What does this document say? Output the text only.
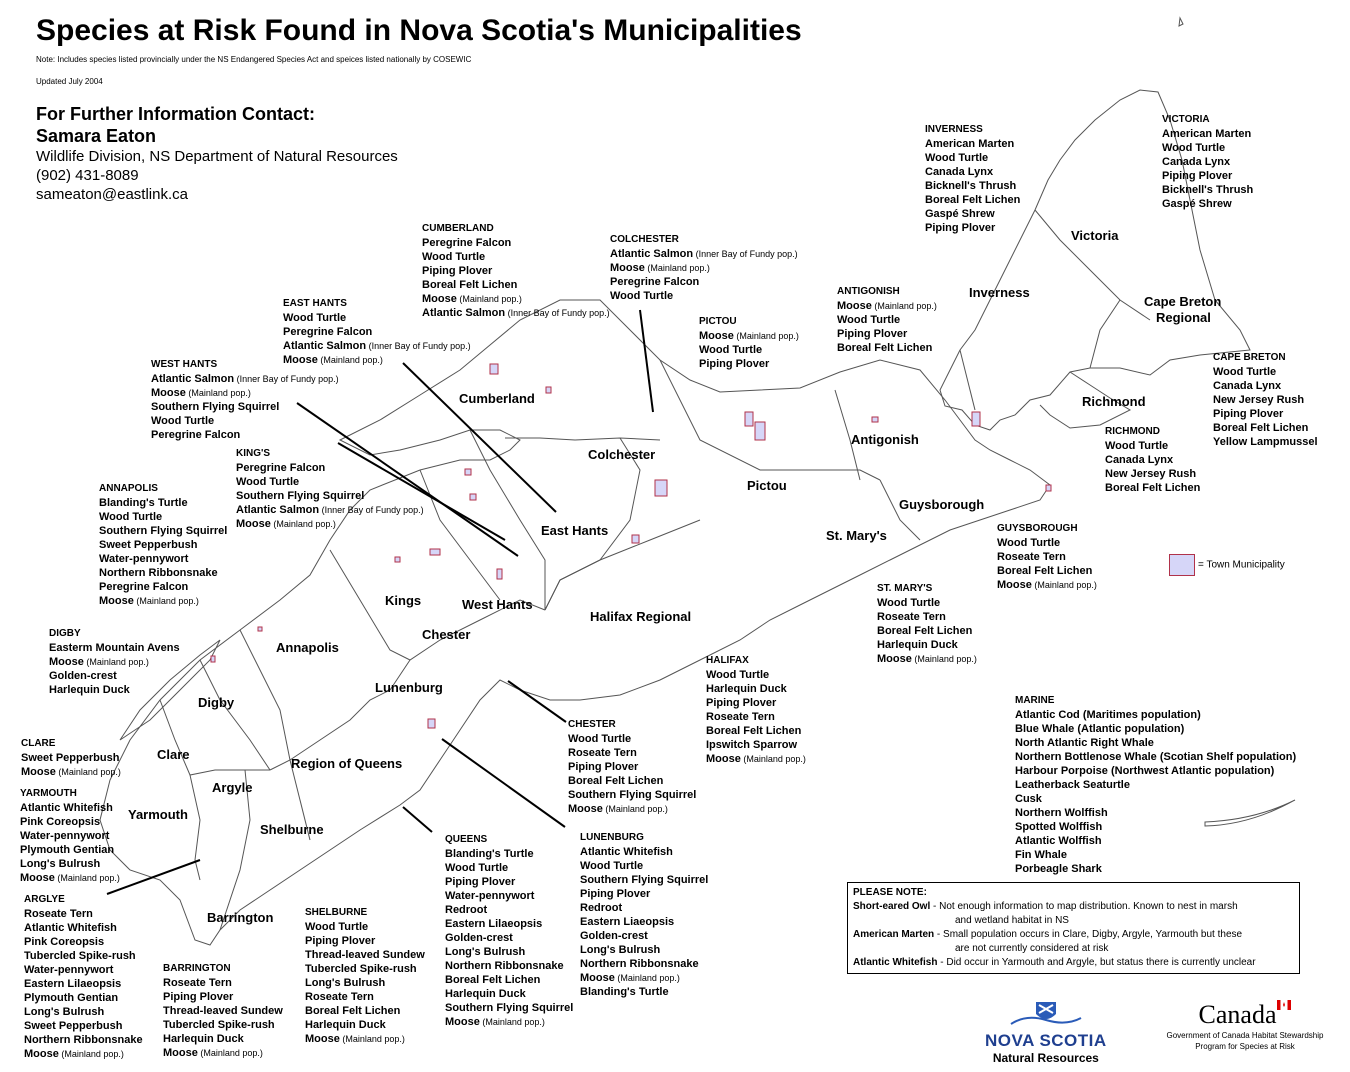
Species at Risk Found in Nova Scotia's Municipalities
Note: Includes species listed provincially under the NS Endangered Species Act and speices listed nationally by COSEWIC
Updated July 2004
For Further Information Contact:
Samara Eaton
Wildlife Division, NS Department of Natural Resources
(902) 431-8089
sameaton@eastlink.ca
Victoria
Inverness
Cape Breton
Regional
Richmond
Antigonish
Guysborough
Pictou
Colchester
Cumberland
East Hants	St. Mary's
Kings	West Hants
Halifax Regional
Annapolis
Chester
Digby
Lunenburg
Clare
Argyle
Region of Queens
Yarmouth
Shelburne
Barrington
INVERNESS
American Marten
Wood Turtle
Canada Lynx
Bicknell's Thrush
Boreal Felt Lichen
Gaspé Shrew
Piping Plover
VICTORIA
American Marten
Wood Turtle
Canada Lynx
Piping Plover
Bicknell's Thrush
Gaspé Shrew
CUMBERLAND
Peregrine Falcon
Wood Turtle
Piping Plover
Boreal Felt Lichen
Moose (Mainland pop.)
Atlantic Salmon (Inner Bay of Fundy pop.)
COLCHESTER
Atlantic Salmon (Inner Bay of Fundy pop.)
Moose (Mainland pop.)
Peregrine Falcon
Wood Turtle	ANTIGONISH
Moose (Mainland pop.)
Wood Turtle
Piping Plover
Boreal Felt Lichen
PICTOU
Moose (Mainland pop.)
Wood Turtle
Piping Plover
EAST HANTS
Wood Turtle
Peregrine Falcon
Atlantic Salmon (Inner Bay of Fundy pop.)
Moose (Mainland pop.)
WEST HANTS
Atlantic Salmon (Inner Bay of Fundy pop.)
Moose (Mainland pop.)
Southern Flying Squirrel
Wood Turtle
Peregrine Falcon
CAPE BRETON
Wood Turtle
Canada Lynx
New Jersey Rush
Piping Plover
Boreal Felt Lichen
Yellow Lampmussel
RICHMOND
Wood Turtle
Canada Lynx
New Jersey Rush
Boreal Felt Lichen
KING'S
Peregrine Falcon
Wood Turtle
Southern Flying Squirrel
Atlantic Salmon (Inner Bay of Fundy pop.)
Moose (Mainland pop.)
ANNAPOLIS
Blanding's Turtle
Wood Turtle
Southern Flying Squirrel
Sweet Pepperbush
Water-pennywort
Northern Ribbonsnake
Peregrine Falcon
Moose (Mainland pop.)
GUYSBOROUGH
Wood Turtle
Roseate Tern
Boreal Felt Lichen
Moose (Mainland pop.)
ST. MARY'S
Wood Turtle
Roseate Tern
Boreal Felt Lichen
Harlequin Duck
Moose (Mainland pop.)
DIGBY
Easterm Mountain Avens
Moose (Mainland pop.)
Golden-crest
Harlequin Duck
HALIFAX
Wood Turtle
Harlequin Duck
Piping Plover
Roseate Tern
Boreal Felt Lichen
Ipswitch Sparrow
Moose (Mainland pop.)
CHESTER
Wood Turtle
Roseate Tern
Piping Plover
Boreal Felt Lichen
Southern Flying Squirrel
Moose (Mainland pop.)
CLARE
Sweet Pepperbush
Moose (Mainland pop.)
MARINE
Atlantic Cod (Maritimes population)
Blue Whale (Atlantic population)
North Atlantic Right Whale
Northern Bottlenose Whale (Scotian Shelf population)
Harbour Porpoise (Northwest Atlantic population)
Leatherback Seaturtle
Cusk
Northern Wolffish
Spotted Wolffish
Atlantic Wolffish
Fin Whale
Porbeagle Shark
YARMOUTH
Atlantic Whitefish
Pink Coreopsis
Water-pennywort
Plymouth Gentian
Long's Bulrush
Moose (Mainland pop.)
QUEENS
Blanding's Turtle
Wood Turtle
Piping Plover
Water-pennywort
Redroot
Eastern Lilaeopsis
Golden-crest
Long's Bulrush
Northern Ribbonsnake
Boreal Felt Lichen
Harlequin Duck
Southern Flying Squirrel
Moose (Mainland pop.)
LUNENBURG
Atlantic Whitefish
Wood Turtle
Southern Flying Squirrel
Piping Plover
Redroot
Eastern Liaeopsis
Golden-crest
Long's Bulrush
Northern Ribbonsnake
Moose (Mainland pop.)
Blanding's Turtle
ARGLYE
Roseate Tern
Atlantic Whitefish
Pink Coreopsis
Tubercled Spike-rush
Water-pennywort
Eastern Lilaeopsis
Plymouth Gentian
Long's Bulrush
Sweet Pepperbush
Northern Ribbonsnake
Moose (Mainland pop.)
BARRINGTON
Roseate Tern
Piping Plover
Thread-leaved Sundew
Tubercled Spike-rush
Harlequin Duck
Moose (Mainland pop.)
SHELBURNE
Wood Turtle
Piping Plover
Thread-leaved Sundew
Tubercled Spike-rush
Long's Bulrush
Roseate Tern
Boreal Felt Lichen
Harlequin Duck
Moose (Mainland pop.)
= Town Municipality
PLEASE NOTE:
Short-eared Owl - Not enough information to map distribution. Known to nest in marsh
and wetland habitat in NS
American Marten - Small population occurs in Clare, Digby, Argyle, Yarmouth but these
are not currently considered at risk
Atlantic Whitefish - Did occur in Yarmouth and Argyle, but status there is currently unclear
NOVA SCOTIA
Natural Resources
Canada
Government of Canada Habitat Stewardship
Program for Species at Risk
